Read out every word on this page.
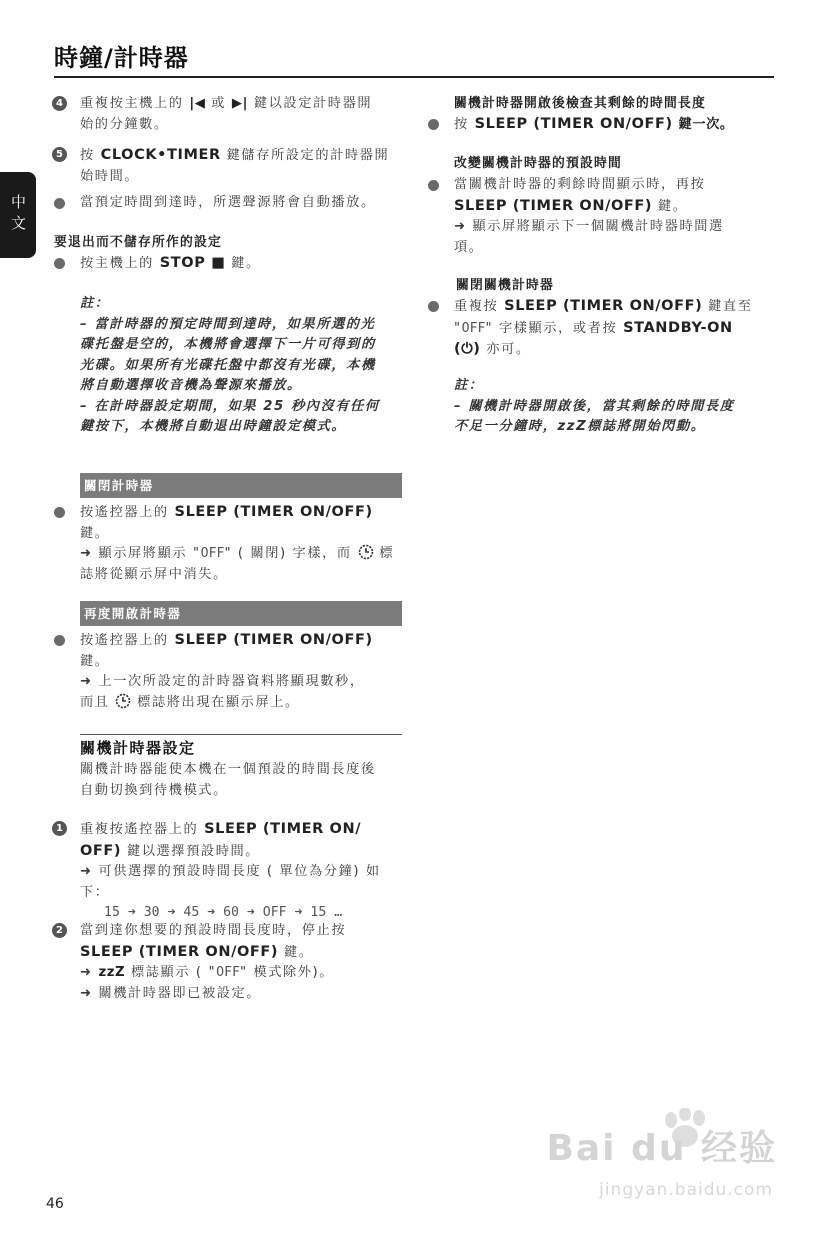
時鐘/計時器
中文
4	重複按主機上的 |◀ 或 ▶| 鍵以設定計時器開
始的分鐘數。
5	按 CLOCK•TIMER 鍵儲存所設定的計時器開
始時間。
當預定時間到達時，所選聲源將會自動播放。
要退出而不儲存所作的設定
按主機上的 STOP ■ 鍵。
註：
– 當計時器的預定時間到達時，如果所選的光
碟托盤是空的，本機將會選擇下一片可得到的
光碟。如果所有光碟托盤中都沒有光碟，本機
將自動選擇收音機為聲源來播放。
– 在計時器設定期間，如果 25 秒內沒有任何
鍵按下，本機將自動退出時鐘設定模式。
關閉計時器
按遙控器上的 SLEEP (TIMER ON/OFF)
鍵。
➜ 顯示屏將顯示 "OFF" ( 關閉) 字樣，而 標
誌將從顯示屏中消失。
再度開啟計時器
按遙控器上的 SLEEP (TIMER ON/OFF)
鍵。
➜ 上一次所設定的計時器資料將顯現數秒，
而且 標誌將出現在顯示屏上。
關機計時器設定
關機計時器能使本機在一個預設的時間長度後
自動切換到待機模式。
1	重複按遙控器上的 SLEEP (TIMER ON/
OFF) 鍵以選擇預設時間。
➜ 可供選擇的預設時間長度 ( 單位為分鐘) 如
下：
15 ➜ 30 ➜ 45 ➜ 60 ➜ OFF ➜ 15 …
2	當到達你想要的預設時間長度時，停止按
SLEEP (TIMER ON/OFF) 鍵。
➜ zzZ 標誌顯示 ( "OFF" 模式除外)。
➜ 關機計時器即已被設定。
關機計時器開啟後檢查其剩餘的時間長度
按 SLEEP (TIMER ON/OFF) 鍵一次。
改變關機計時器的預設時間
當關機計時器的剩餘時間顯示時，再按
SLEEP (TIMER ON/OFF) 鍵。
➜ 顯示屏將顯示下一個關機計時器時間選
項。
關閉關機計時器
重複按 SLEEP (TIMER ON/OFF) 鍵直至
"OFF" 字樣顯示，或者按 STANDBY-ON
(⏻) 亦可。
註：
– 關機計時器開啟後，當其剩餘的時間長度
不足一分鐘時，zzZ標誌將開始閃動。
46
Bai du 经验
jingyan.baidu.com
